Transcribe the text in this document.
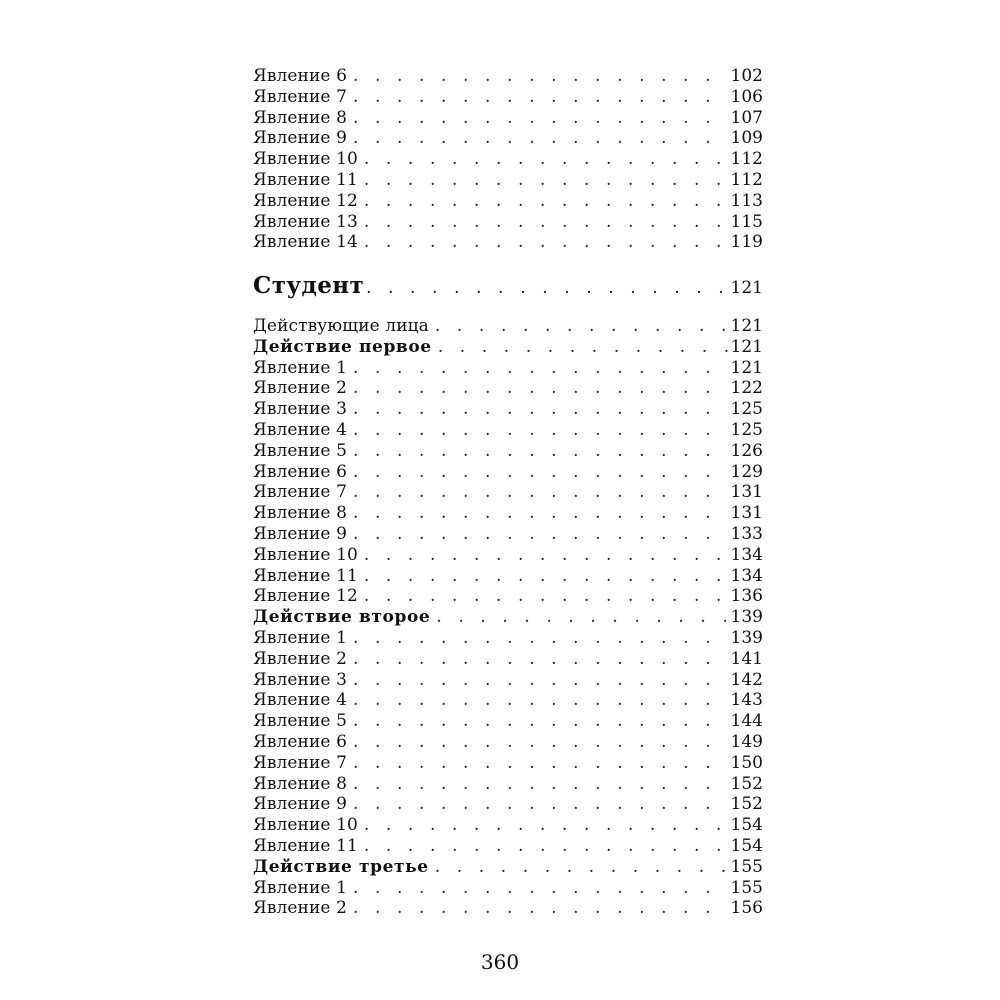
Явление 6 . . .	102
Явление 7 . . .	106
Явление 8 . . .	107
Явление 9 . . .	109
Явление 10 . . .	112
Явление 11 . . .	112
Явление 12 . . .	113
Явление 13 . . .	115
Явление 14 . . .	119
Студент . . .	121
Действующие лица . . .	121
Действие первое . . .	121
Явление 1 . . .	121
Явление 2 . . .	122
Явление 3 . . .	125
Явление 4 . . .	125
Явление 5 . . .	126
Явление 6 . . .	129
Явление 7 . . .	131
Явление 8 . . .	131
Явление 9 . . .	133
Явление 10 . . .	134
Явление 11 . . .	134
Явление 12 . . .	136
Действие второе . . .	139
Явление 1 . . .	139
Явление 2 . . .	141
Явление 3 . . .	142
Явление 4 . . .	143
Явление 5 . . .	144
Явление 6 . . .	149
Явление 7 . . .	150
Явление 8 . . .	152
Явление 9 . . .	152
Явление 10 . . .	154
Явление 11 . . .	154
Действие третье . . .	155
Явление 1 . . .	155
Явление 2 . . .	156
360
